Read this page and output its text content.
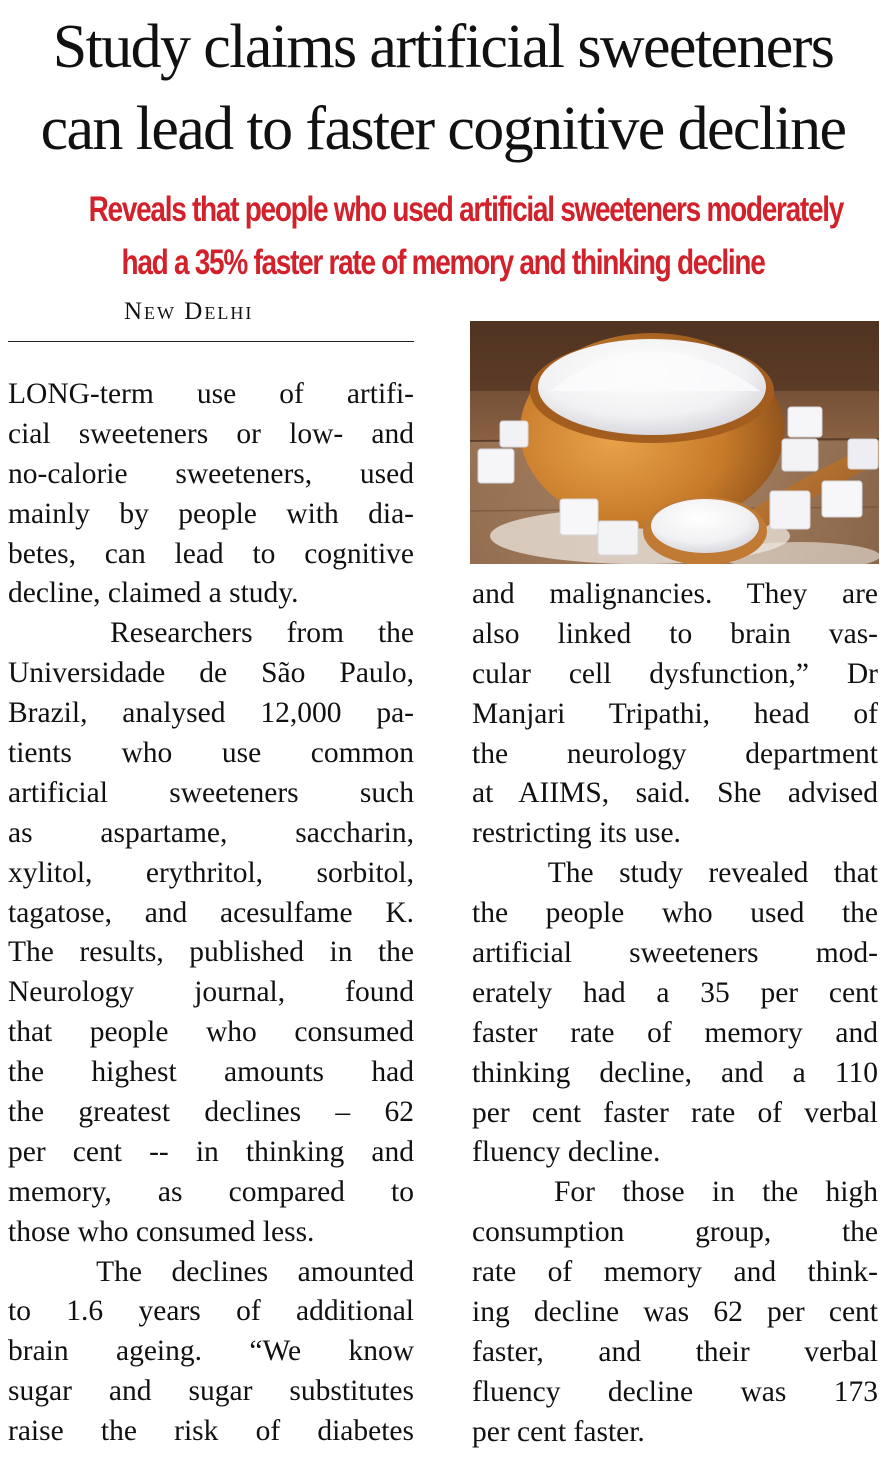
Study claims artificial sweeteners
can lead to faster cognitive decline
Reveals that people who used artificial sweeteners moderately
had a 35% faster rate of memory and thinking decline
New Delhi
LONG-term use of artifi-
cial sweeteners or low- and
no-calorie sweeteners, used
mainly by people with dia-
betes, can lead to cognitive
decline, claimed a study.
Researchers from the
Universidade de São Paulo,
Brazil, analysed 12,000 pa-
tients who use common
artificial sweeteners such
as aspartame, saccharin,
xylitol, erythritol, sorbitol,
tagatose, and acesulfame K.
The results, published in the
Neurology journal, found
that people who consumed
the highest amounts had
the greatest declines – 62
per cent -- in thinking and
memory, as compared to
those who consumed less.
The declines amounted
to 1.6 years of additional
brain ageing. “We know
sugar and sugar substitutes
raise the risk of diabetes
and malignancies. They are
also linked to brain vas-
cular cell dysfunction,” Dr
Manjari Tripathi, head of
the neurology department
at AIIMS, said. She advised
restricting its use.
The study revealed that
the people who used the
artificial sweeteners mod-
erately had a 35 per cent
faster rate of memory and
thinking decline, and a 110
per cent faster rate of verbal
fluency decline.
For those in the high
consumption group, the
rate of memory and think-
ing decline was 62 per cent
faster, and their verbal
fluency decline was 173
per cent faster.
